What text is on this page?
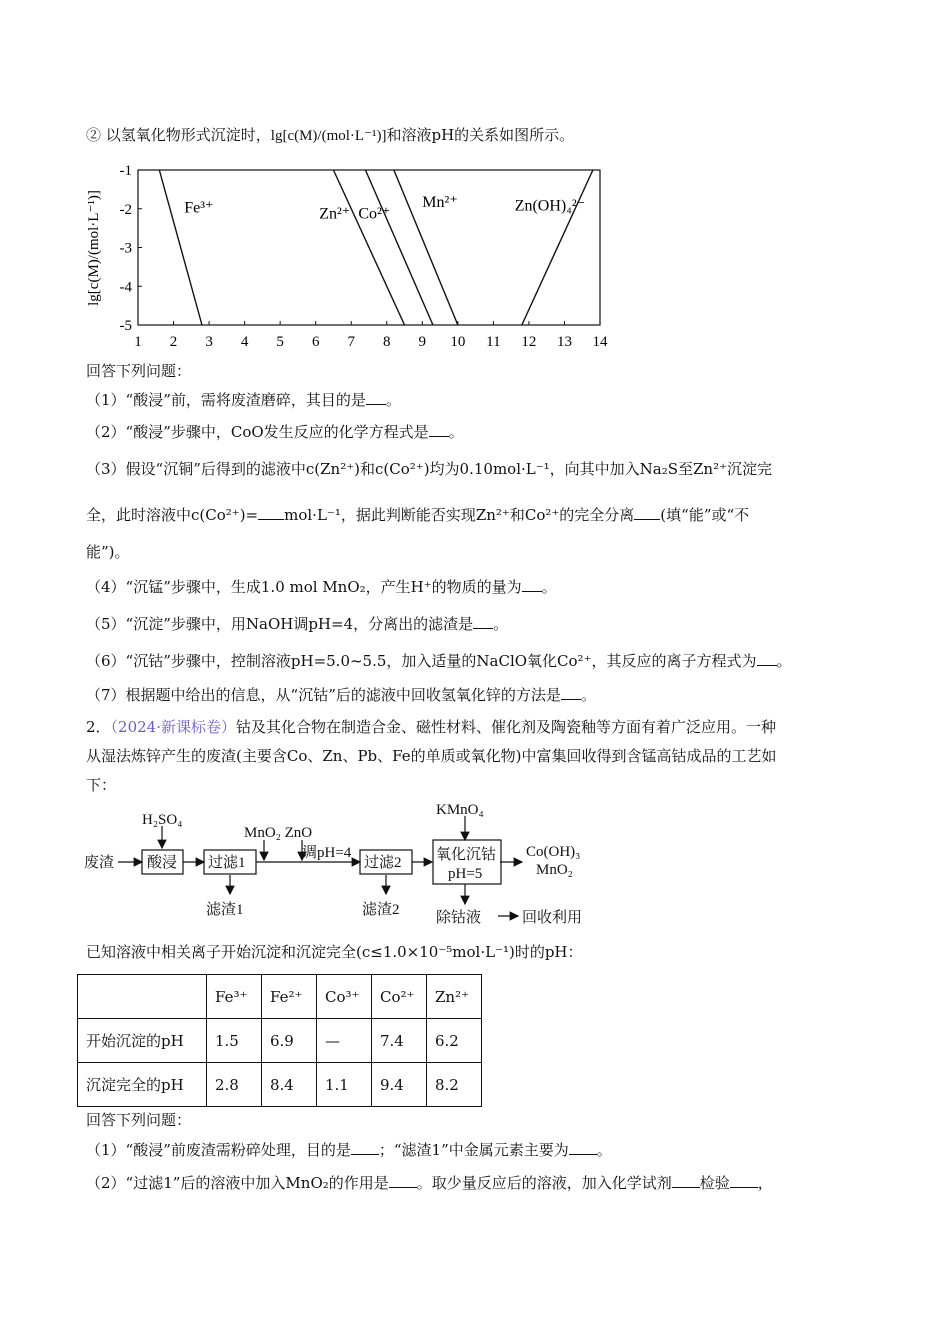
② 以氢氧化物形式沉淀时，lg[c(M)/(mol·L⁻¹)]和溶液pH的关系如图所示。
1 2 3 4 5 6 7 8 9 10 11 12 13 14
-1
-2
-3
-4
-5
Fe³⁺	Zn²⁺ Co²⁺
Mn²⁺	Zn(OH)₄²⁻
lg[c(M)/(mol·L⁻¹)]
回答下列问题：
（1）“酸浸”前，需将废渣磨碎，其目的是 。
（2）“酸浸”步骤中，CoO发生反应的化学方程式是 。
（3）假设“沉铜”后得到的滤液中c(Zn²⁺)和c(Co²⁺)均为0.10mol·L⁻¹，向其中加入Na₂S至Zn²⁺沉淀完
全，此时溶液中c(Co²⁺)= mol·L⁻¹，据此判断能否实现Zn²⁺和Co²⁺的完全分离 (填“能”或“不
能”)。
（4）“沉锰”步骤中，生成1.0 mol MnO₂，产生H⁺的物质的量为 。
（5）“沉淀”步骤中，用NaOH调pH=4，分离出的滤渣是 。
（6）“沉钴”步骤中，控制溶液pH=5.0~5.5，加入适量的NaClO氧化Co²⁺，其反应的离子方程式为 。
（7）根据题中给出的信息，从“沉钴”后的滤液中回收氢氧化锌的方法是 。
2．（2024·新课标卷）钴及其化合物在制造合金、磁性材料、催化剂及陶瓷釉等方面有着广泛应用。一种
从湿法炼锌产生的废渣(主要含Co、Zn、Pb、Fe的单质或氧化物)中富集回收得到含锰高钴成品的工艺如
下：
废渣
H₂SO₄
酸浸 过滤1
滤渣1
MnO₂ ZnO
调pH=4
过滤2
滤渣2
KMnO₄
氧化沉钴
pH=5
Co(OH)₃
MnO₂
除钴液	回收利用
已知溶液中相关离子开始沉淀和沉淀完全(c≤1.0×10⁻⁵mol·L⁻¹)时的pH：
	Fe³⁺	Fe²⁺	Co³⁺	Co²⁺	Zn²⁺
开始沉淀的pH	1.5	6.9	—	7.4	6.2
沉淀完全的pH	2.8	8.4	1.1	9.4	8.2
回答下列问题：
（1）“酸浸”前废渣需粉碎处理，目的是 ；“滤渣1”中金属元素主要为 。
（2）“过滤1”后的溶液中加入MnO₂的作用是 。取少量反应后的溶液，加入化学试剂 检验 ，
